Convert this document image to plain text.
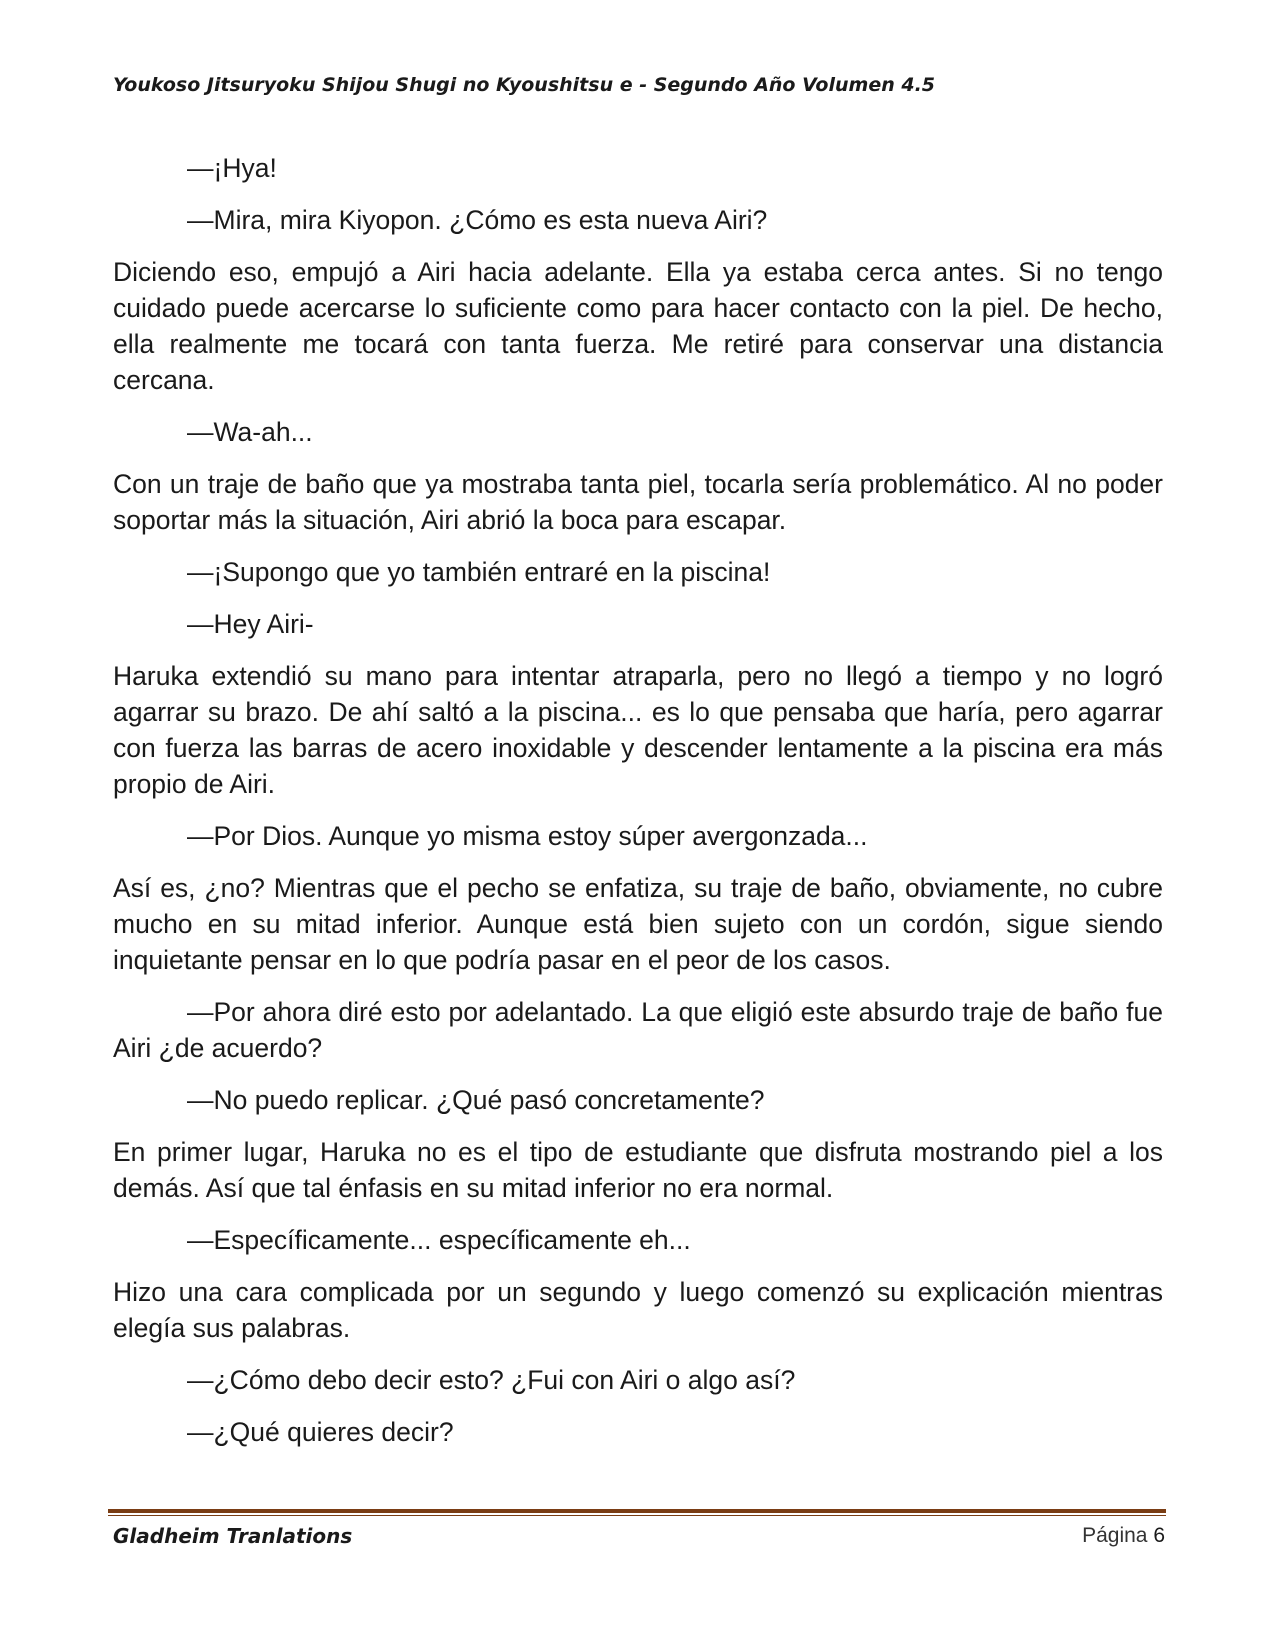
Youkoso Jitsuryoku Shijou Shugi no Kyoushitsu e - Segundo Año Volumen 4.5

—¡Hya!

—Mira, mira Kiyopon. ¿Cómo es esta nueva Airi?

Diciendo eso, empujó a Airi hacia adelante. Ella ya estaba cerca antes. Si no tengo cuidado puede acercarse lo suficiente como para hacer contacto con la piel. De hecho, ella realmente me tocará con tanta fuerza. Me retiré para conservar una distancia cercana.

—Wa-ah...

Con un traje de baño que ya mostraba tanta piel, tocarla sería problemático. Al no poder soportar más la situación, Airi abrió la boca para escapar.

—¡Supongo que yo también entraré en la piscina!

—Hey Airi-

Haruka extendió su mano para intentar atraparla, pero no llegó a tiempo y no logró agarrar su brazo. De ahí saltó a la piscina... es lo que pensaba que haría, pero agarrar con fuerza las barras de acero inoxidable y descender lentamente a la piscina era más propio de Airi.

—Por Dios. Aunque yo misma estoy súper avergonzada...

Así es, ¿no? Mientras que el pecho se enfatiza, su traje de baño, obviamente, no cubre mucho en su mitad inferior. Aunque está bien sujeto con un cordón, sigue siendo inquietante pensar en lo que podría pasar en el peor de los casos.

—Por ahora diré esto por adelantado. La que eligió este absurdo traje de baño fue Airi ¿de acuerdo?

—No puedo replicar. ¿Qué pasó concretamente?

En primer lugar, Haruka no es el tipo de estudiante que disfruta mostrando piel a los demás. Así que tal énfasis en su mitad inferior no era normal.

—Específicamente... específicamente eh...

Hizo una cara complicada por un segundo y luego comenzó su explicación mientras elegía sus palabras.

—¿Cómo debo decir esto? ¿Fui con Airi o algo así?

—¿Qué quieres decir?

Gladheim Tranlations	Página 6
